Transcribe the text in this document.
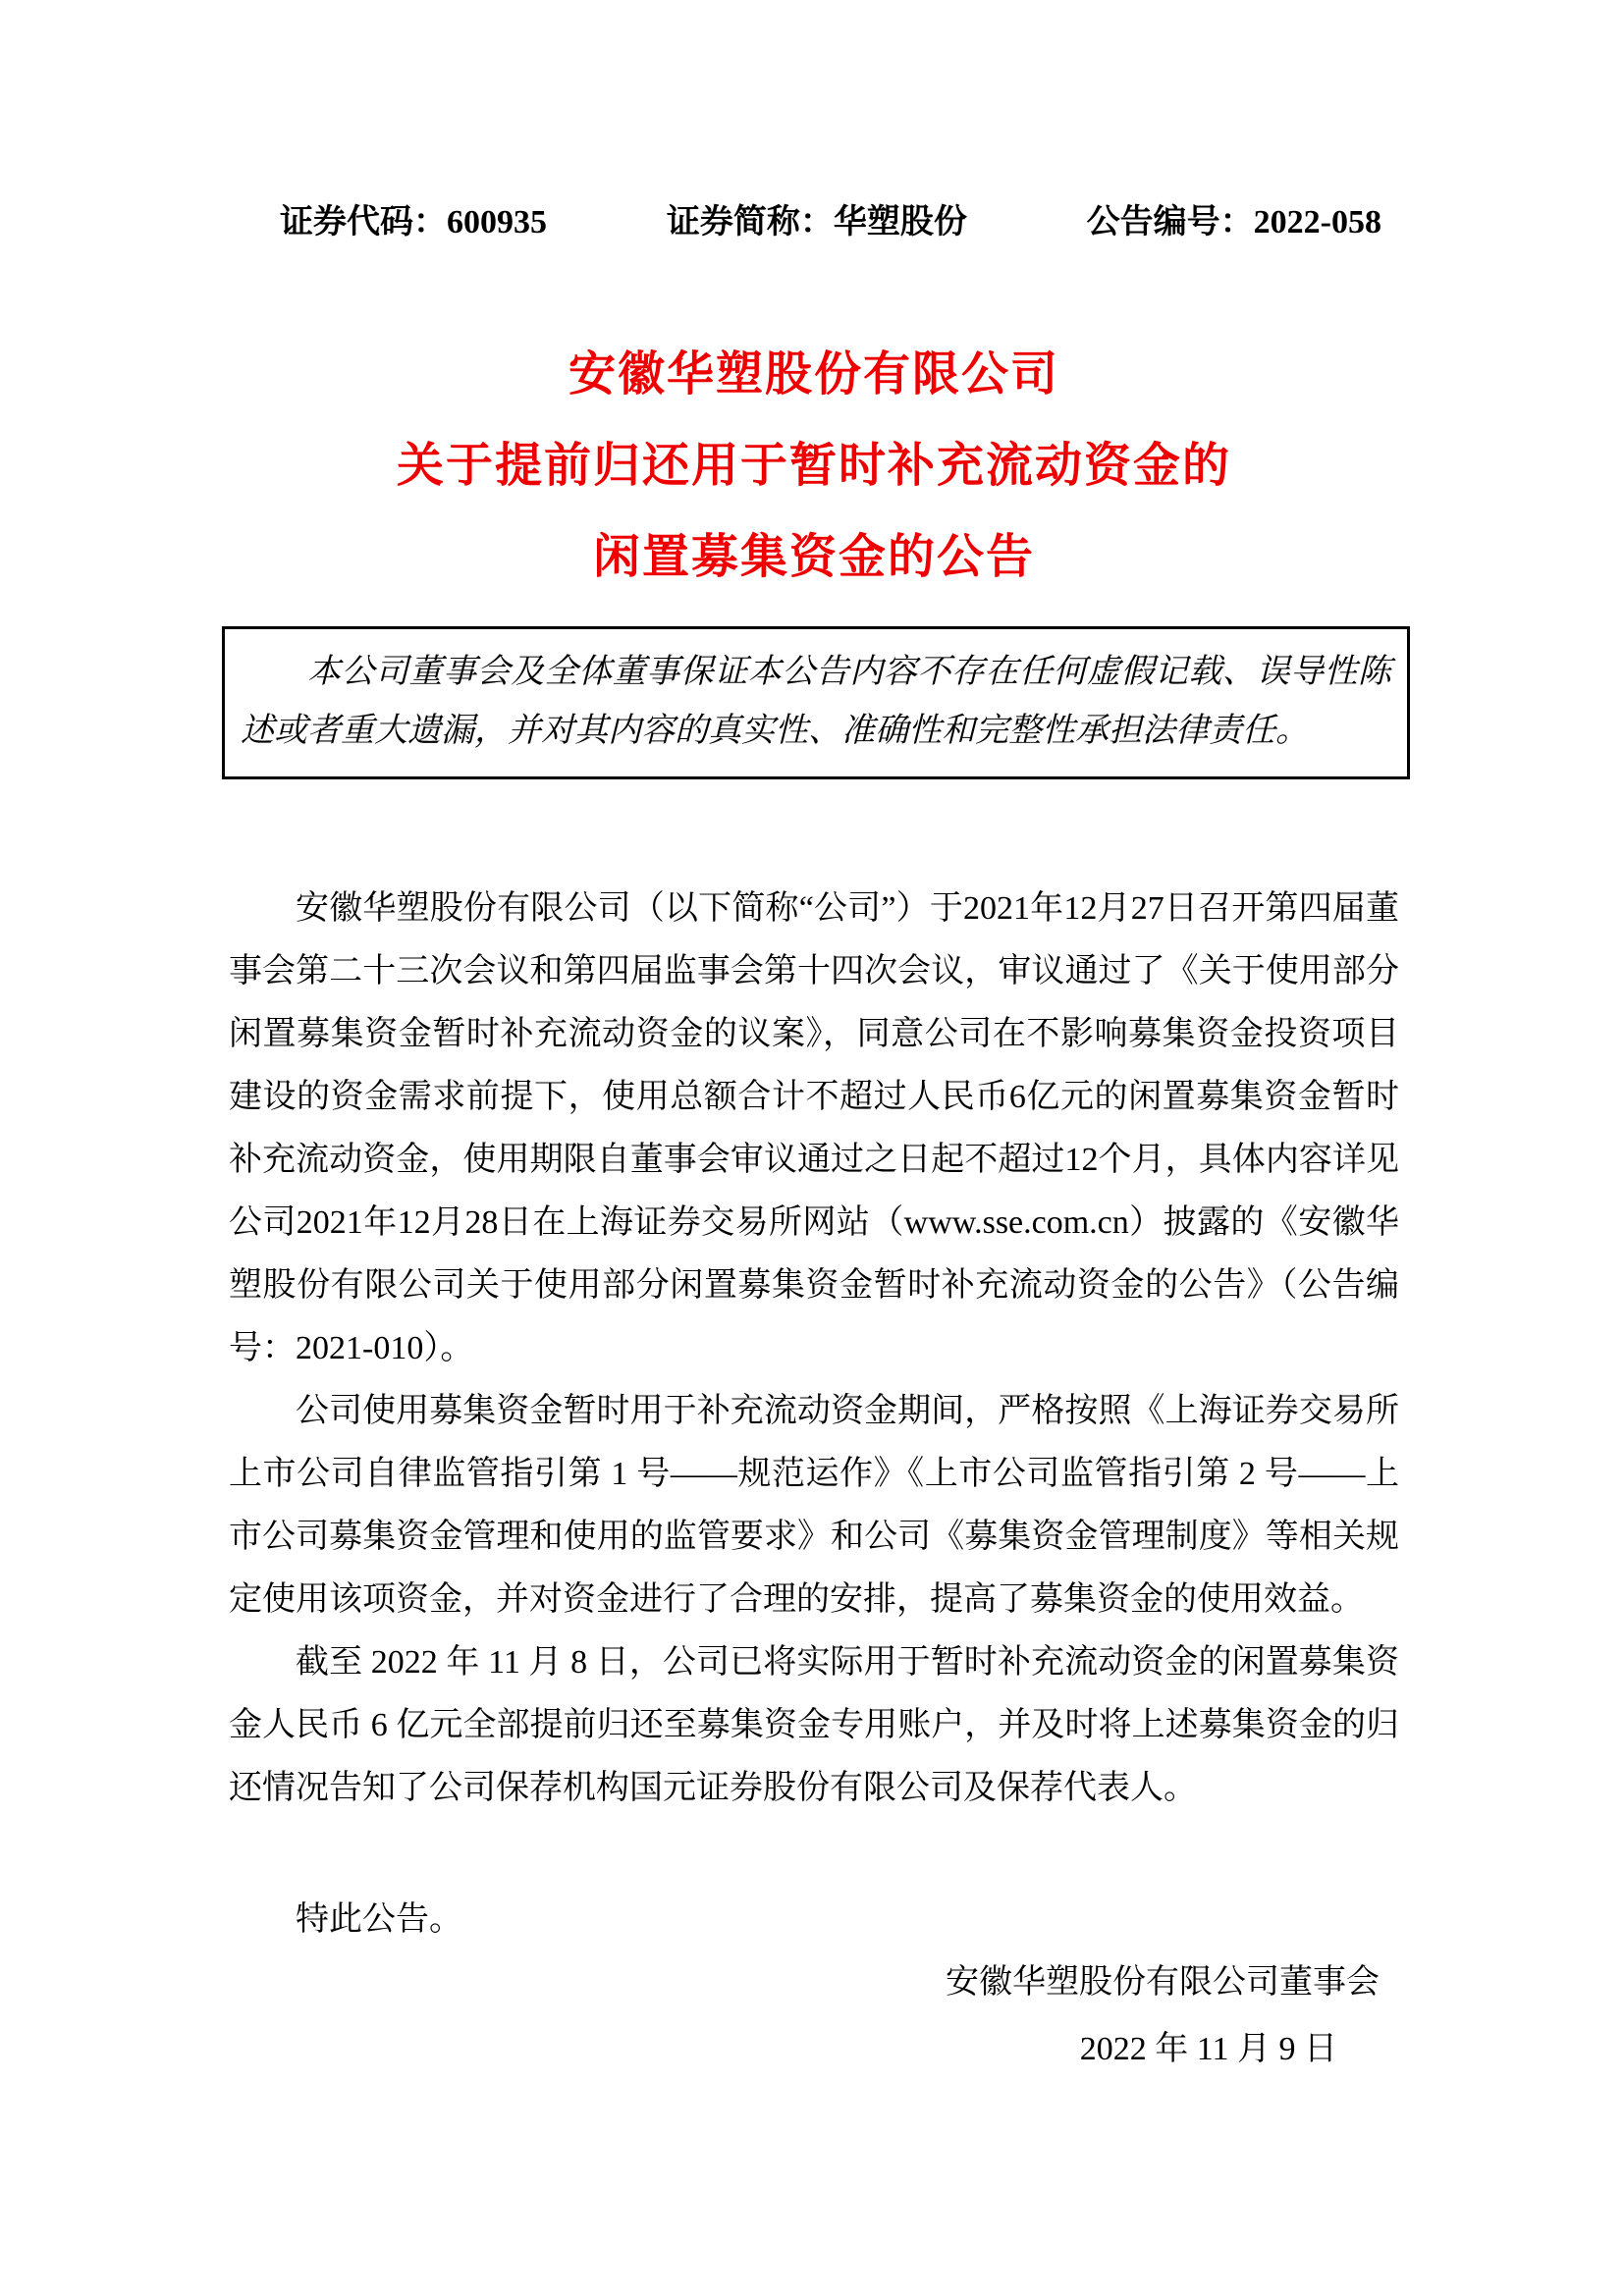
证券代码：600935	证券简称：华塑股份	公告编号：2022-058
安徽华塑股份有限公司
关于提前归还用于暂时补充流动资金的
闲置募集资金的公告

本公司董事会及全体董事保证本公告内容不存在任何虚假记载、误导性陈述或者重大遗漏，并对其内容的真实性、准确性和完整性承担法律责任。

安徽华塑股份有限公司（以下简称“公司”）于2021年12月27日召开第四届董事会第二十三次会议和第四届监事会第十四次会议，审议通过了《关于使用部分闲置募集资金暂时补充流动资金的议案》，同意公司在不影响募集资金投资项目建设的资金需求前提下，使用总额合计不超过人民币6亿元的闲置募集资金暂时补充流动资金，使用期限自董事会审议通过之日起不超过12个月，具体内容详见公司2021年12月28日在上海证券交易所网站（www.sse.com.cn）披露的《安徽华塑股份有限公司关于使用部分闲置募集资金暂时补充流动资金的公告》（公告编号：2021-010）。

公司使用募集资金暂时用于补充流动资金期间，严格按照《上海证券交易所上市公司自律监管指引第 1 号——规范运作》《上市公司监管指引第 2 号——上市公司募集资金管理和使用的监管要求》和公司《募集资金管理制度》等相关规定使用该项资金，并对资金进行了合理的安排，提高了募集资金的使用效益。

截至 2022 年 11 月 8 日，公司已将实际用于暂时补充流动资金的闲置募集资金人民币 6 亿元全部提前归还至募集资金专用账户，并及时将上述募集资金的归还情况告知了公司保荐机构国元证券股份有限公司及保荐代表人。

特此公告。

安徽华塑股份有限公司董事会

2022 年 11 月 9 日
